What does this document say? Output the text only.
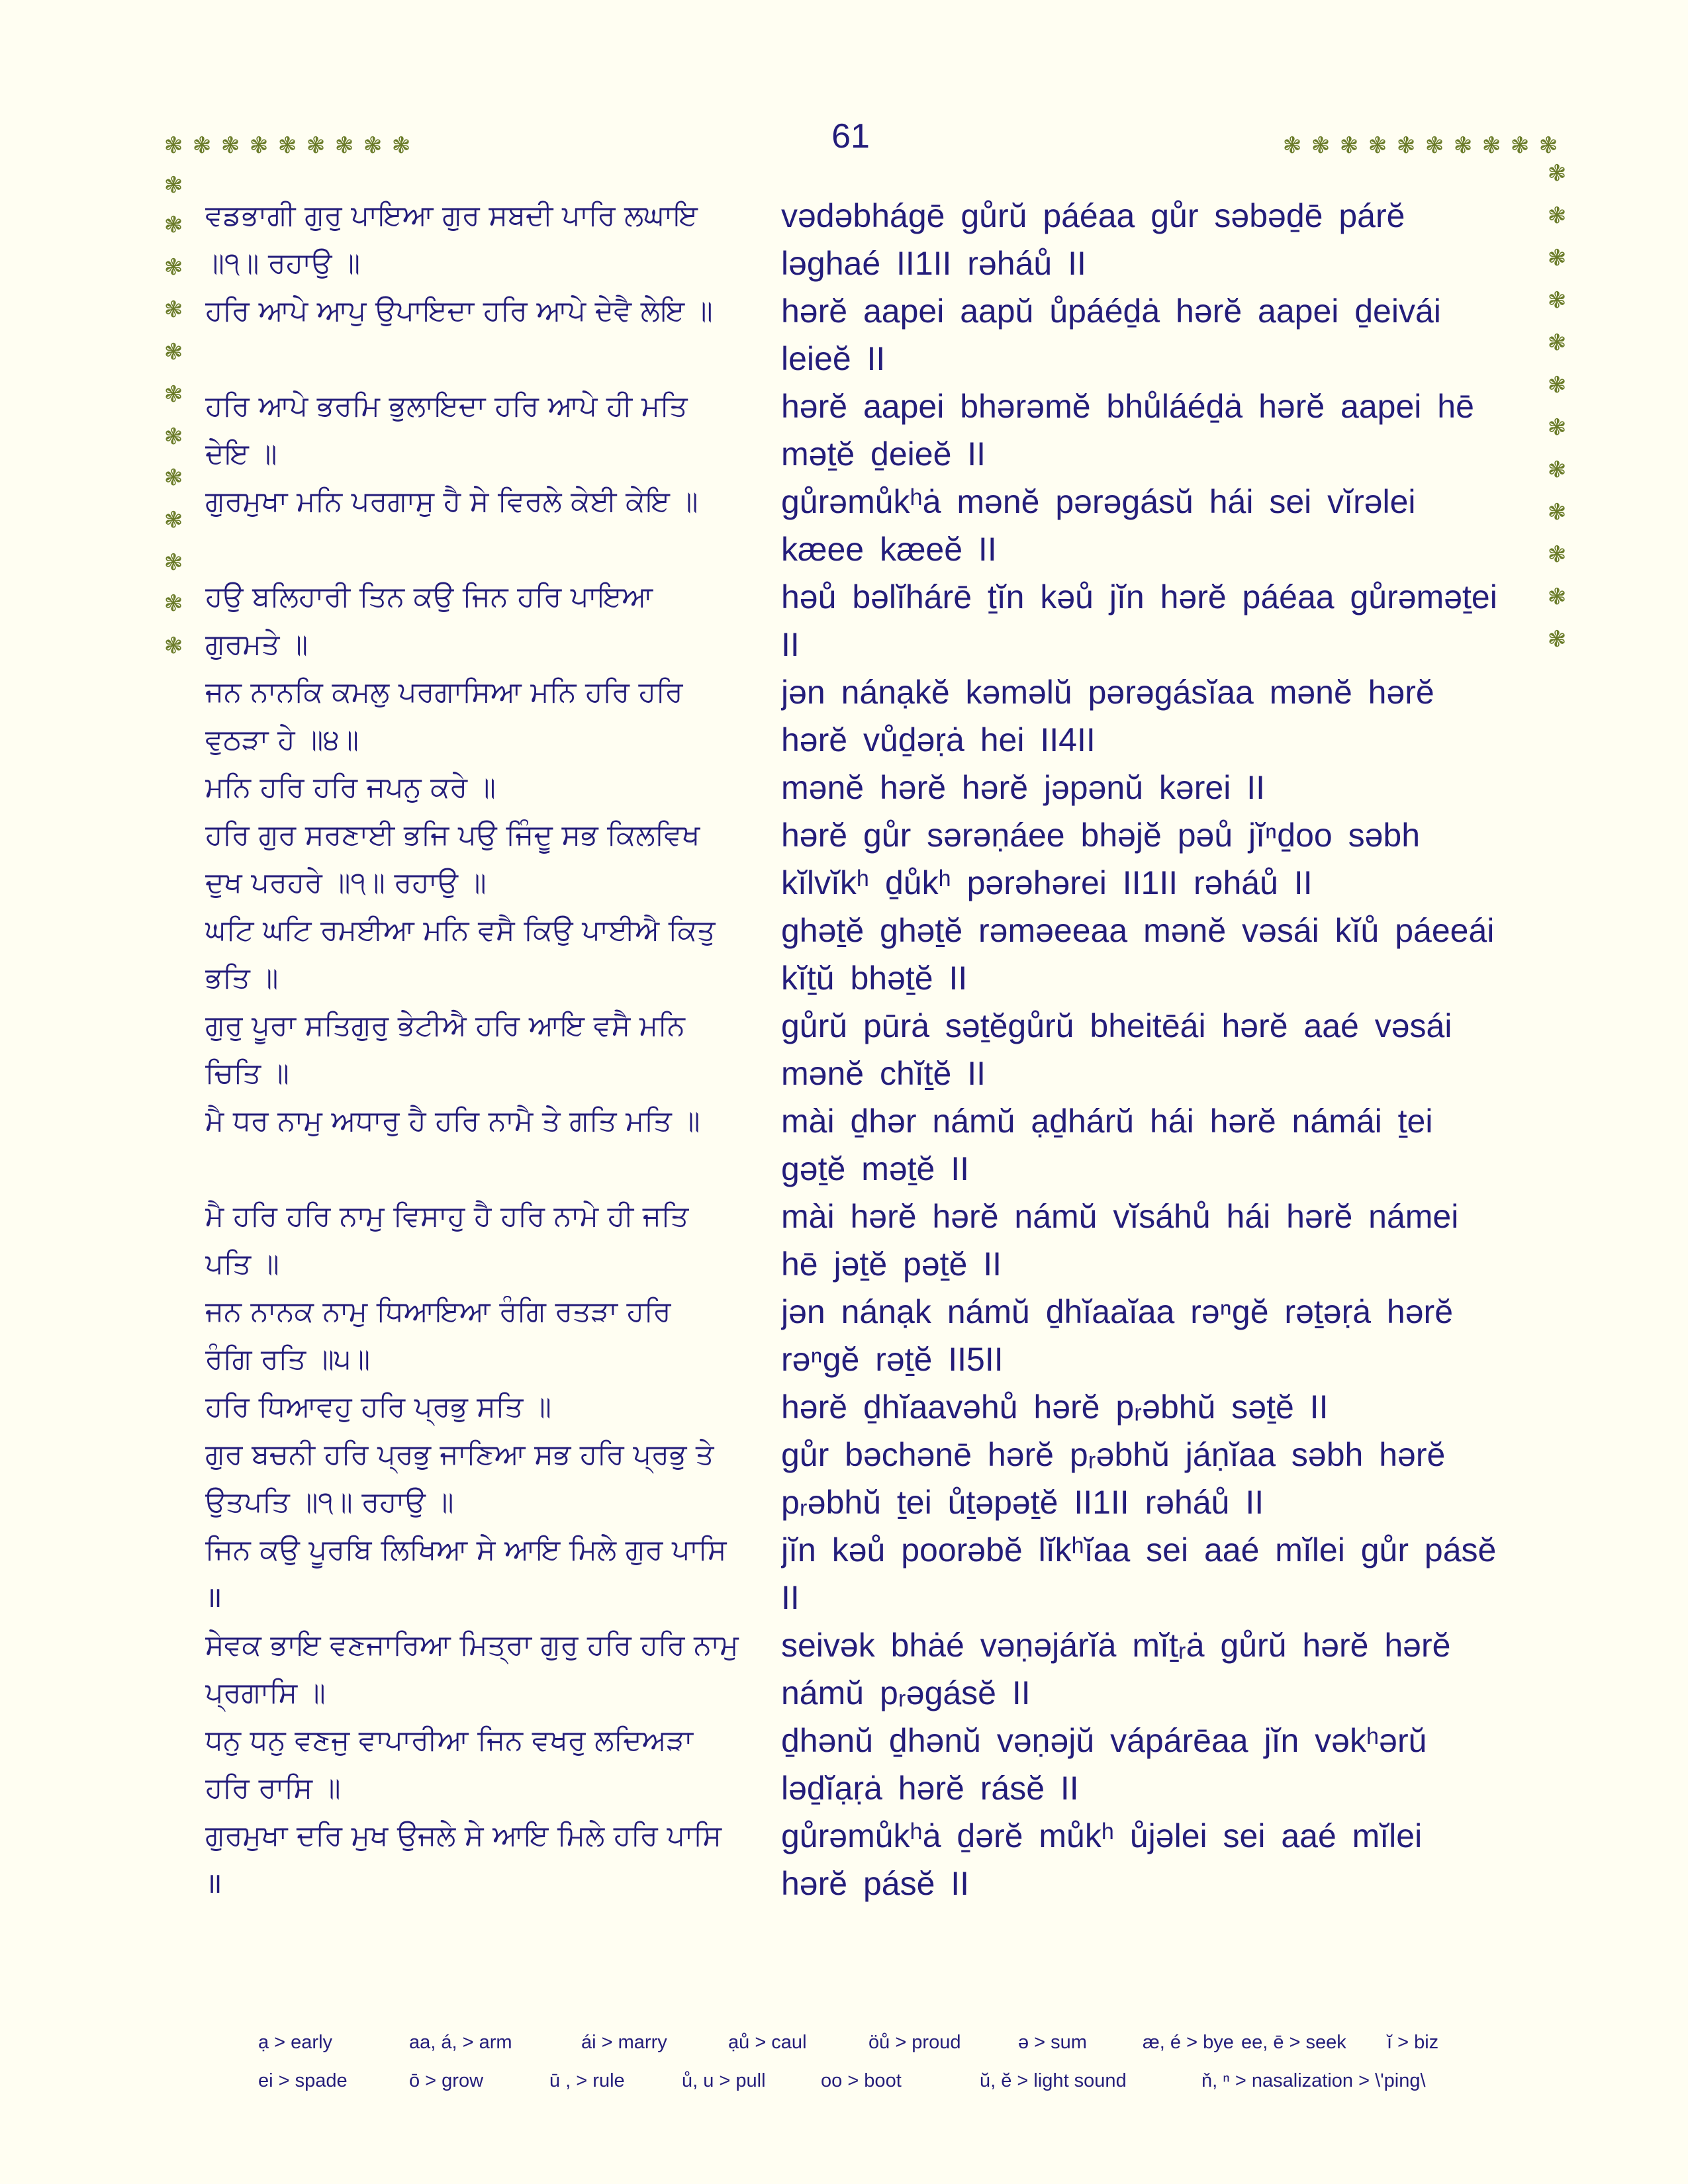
61
❃ ❃ ❃ ❃ ❃ ❃ ❃ ❃ ❃	❃ ❃ ❃ ❃ ❃ ❃ ❃ ❃ ❃ ❃
❃
❃
❃
❃
❃
❃
❃
❃
❃
❃
❃
❃
❃
❃
❃
❃
❃
❃
❃
❃
❃
❃
❃
❃
ਵਡਭਾਗੀ ਗੁਰੁ ਪਾਇਆ ਗੁਰ ਸਬਦੀ ਪਾਰਿ ਲਘਾਇ
॥੧॥ ਰਹਾਉ ॥
ਹਰਿ ਆਪੇ ਆਪੁ ਉਪਾਇਦਾ ਹਰਿ ਆਪੇ ਦੇਵੈ ਲੇਇ ॥
ਹਰਿ ਆਪੇ ਭਰਮਿ ਭੁਲਾਇਦਾ ਹਰਿ ਆਪੇ ਹੀ ਮਤਿ
ਦੇਇ ॥
ਗੁਰਮੁਖਾ ਮਨਿ ਪਰਗਾਸੁ ਹੈ ਸੇ ਵਿਰਲੇ ਕੇਈ ਕੇਇ ॥
ਹਉ ਬਲਿਹਾਰੀ ਤਿਨ ਕਉ ਜਿਨ ਹਰਿ ਪਾਇਆ
ਗੁਰਮਤੇ ॥
ਜਨ ਨਾਨਕਿ ਕਮਲੁ ਪਰਗਾਸਿਆ ਮਨਿ ਹਰਿ ਹਰਿ
ਵੁਠੜਾ ਹੇ ॥੪॥
ਮਨਿ ਹਰਿ ਹਰਿ ਜਪਨੁ ਕਰੇ ॥
ਹਰਿ ਗੁਰ ਸਰਣਾਈ ਭਜਿ ਪਉ ਜਿੰਦੂ ਸਭ ਕਿਲਵਿਖ
ਦੁਖ ਪਰਹਰੇ ॥੧॥ ਰਹਾਉ ॥
ਘਟਿ ਘਟਿ ਰਮਈਆ ਮਨਿ ਵਸੈ ਕਿਉ ਪਾਈਐ ਕਿਤੁ
ਭਤਿ ॥
ਗੁਰੁ ਪੂਰਾ ਸਤਿਗੁਰੁ ਭੇਟੀਐ ਹਰਿ ਆਇ ਵਸੈ ਮਨਿ
ਚਿਤਿ ॥
ਮੈ ਧਰ ਨਾਮੁ ਅਧਾਰੁ ਹੈ ਹਰਿ ਨਾਮੈ ਤੇ ਗਤਿ ਮਤਿ ॥
ਮੈ ਹਰਿ ਹਰਿ ਨਾਮੁ ਵਿਸਾਹੁ ਹੈ ਹਰਿ ਨਾਮੇ ਹੀ ਜਤਿ
ਪਤਿ ॥
ਜਨ ਨਾਨਕ ਨਾਮੁ ਧਿਆਇਆ ਰੰਗਿ ਰਤੜਾ ਹਰਿ
ਰੰਗਿ ਰਤਿ ॥੫॥
ਹਰਿ ਧਿਆਵਹੁ ਹਰਿ ਪ੍ਰਭੁ ਸਤਿ ॥
ਗੁਰ ਬਚਨੀ ਹਰਿ ਪ੍ਰਭੁ ਜਾਣਿਆ ਸਭ ਹਰਿ ਪ੍ਰਭੁ ਤੇ
ਉਤਪਤਿ ॥੧॥ ਰਹਾਉ ॥
ਜਿਨ ਕਉ ਪੂਰਬਿ ਲਿਖਿਆ ਸੇ ਆਇ ਮਿਲੇ ਗੁਰ ਪਾਸਿ
॥
ਸੇਵਕ ਭਾਇ ਵਣਜਾਰਿਆ ਮਿਤ੍ਰਾ ਗੁਰੁ ਹਰਿ ਹਰਿ ਨਾਮੁ
ਪ੍ਰਗਾਸਿ ॥
ਧਨੁ ਧਨੁ ਵਣਜੁ ਵਾਪਾਰੀਆ ਜਿਨ ਵਖਰੁ ਲਦਿਅੜਾ
ਹਰਿ ਰਾਸਿ ॥
ਗੁਰਮੁਖਾ ਦਰਿ ਮੁਖ ਉਜਲੇ ਸੇ ਆਇ ਮਿਲੇ ਹਰਿ ਪਾਸਿ
॥
vədəbhágē gůrŭ páéaa gůr səbəḏē párĕ
ləghaé II1II rəháů II
hərĕ aapei aapŭ ůpáéḏȧ hərĕ aapei ḏeivái
leieĕ II
hərĕ aapei bhərəmĕ bhůláéḏȧ hərĕ aapei hē
məṯĕ ḏeieĕ II
gůrəmůkʰȧ mənĕ pərəgásŭ hái sei vĭrəlei
kæee kæeĕ II
həů bəlĭhárē ṯĭn kəů jĭn hərĕ páéaa gůrəməṯei
II
jən nánạkĕ kəməlŭ pərəgásĭaa mənĕ hərĕ
hərĕ vůḏəṛȧ hei II4II
mənĕ hərĕ hərĕ jəpənŭ kərei II
hərĕ gůr sərəṇáee bhəjĕ pəů jĭⁿḏoo səbh
kĭlvĭkʰ ḏůkʰ pərəhərei II1II rəháů II
ghəṯĕ ghəṯĕ rəməeeaa mənĕ vəsái kĭů páeeái
kĭṯŭ bhəṯĕ II
gůrŭ pūrȧ səṯĕgůrŭ bheitēái hərĕ aaé vəsái
mənĕ chĭṯĕ II
mài ḏhər námŭ ạḏhárŭ hái hərĕ námái ṯei
gəṯĕ məṯĕ II
mài hərĕ hərĕ námŭ vĭsáhů hái hərĕ námei
hē jəṯĕ pəṯĕ II
jən nánạk námŭ ḏhĭaaĭaa rəⁿgĕ rəṯəṛȧ hərĕ
rəⁿgĕ rəṯĕ II5II
hərĕ ḏhĭaavəhů hərĕ pᵣəbhŭ səṯĕ II
gůr bəchənē hərĕ pᵣəbhŭ jáṇĭaa səbh hərĕ
pᵣəbhŭ ṯei ůṯəpəṯĕ II1II rəháů II
jĭn kəů poorəbĕ lĭkʰĭaa sei aaé mĭlei gůr pásĕ
II
seivək bhȧé vəṇəjárĭȧ mĭṯᵣȧ gůrŭ hərĕ hərĕ
námŭ pᵣəgásĕ II
ḏhənŭ ḏhənŭ vəṇəjŭ vápárēaa jĭn vəkʰərŭ
ləḏĭạṛȧ hərĕ rásĕ II
gůrəmůkʰȧ ḏərĕ můkʰ ůjəlei sei aaé mĭlei
hərĕ pásĕ II
ạ > early	aa, á, > arm	ái > marry	ạů > caul	öů > proud	ə > sum	æ, é > bye ee, ē > seek ĭ > biz
ei > spade	ō > grow	ū , > rule	ů, u > pull	oo > boot	ŭ, ĕ > light sound	ň, ⁿ > nasalization > \'ping\
